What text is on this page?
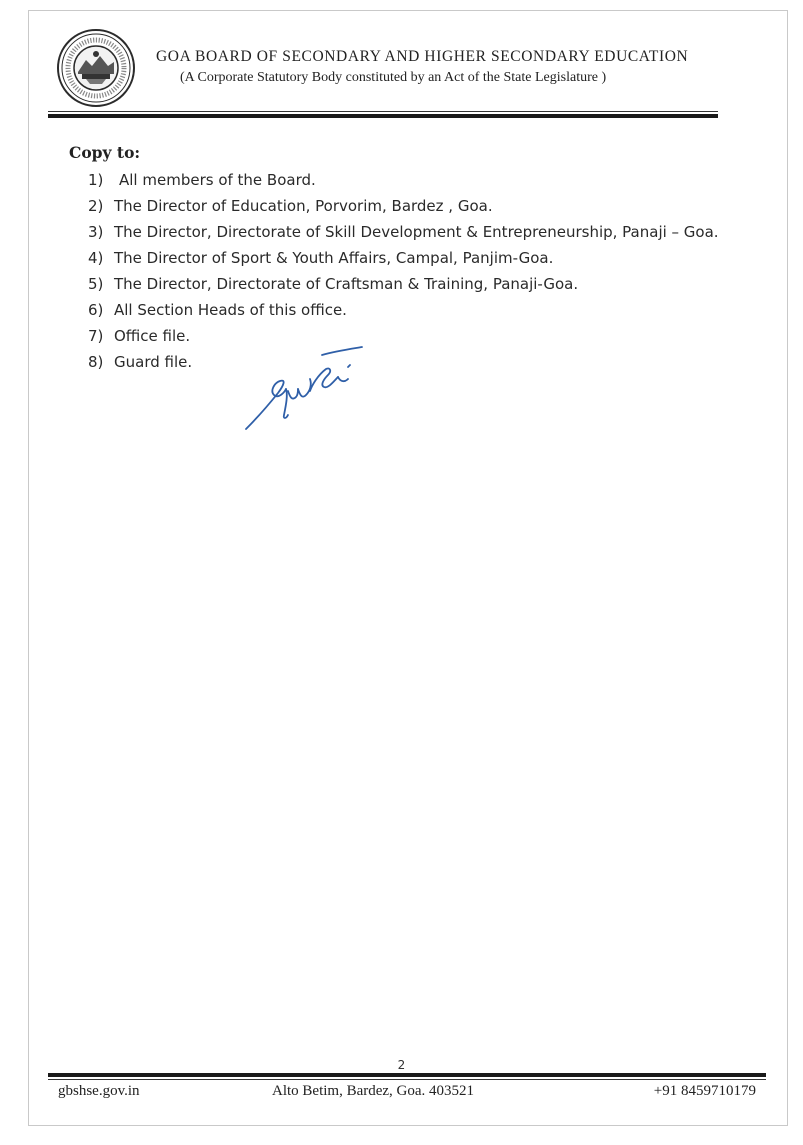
GOA BOARD OF SECONDARY AND HIGHER SECONDARY EDUCATION
(A Corporate Statutory Body constituted by an Act of the State Legislature )
Copy to:
1)	All members of the Board.
2) The Director of Education, Porvorim, Bardez , Goa.
3) The Director, Directorate of Skill Development & Entrepreneurship, Panaji – Goa.
4) The Director of Sport & Youth Affairs, Campal, Panjim-Goa.
5) The Director, Directorate of Craftsman & Training, Panaji-Goa.
6) All Section Heads of this office.
7) Office file.
8) Guard file.
2
gbshse.gov.in	Alto Betim, Bardez, Goa. 403521	+91 8459710179
